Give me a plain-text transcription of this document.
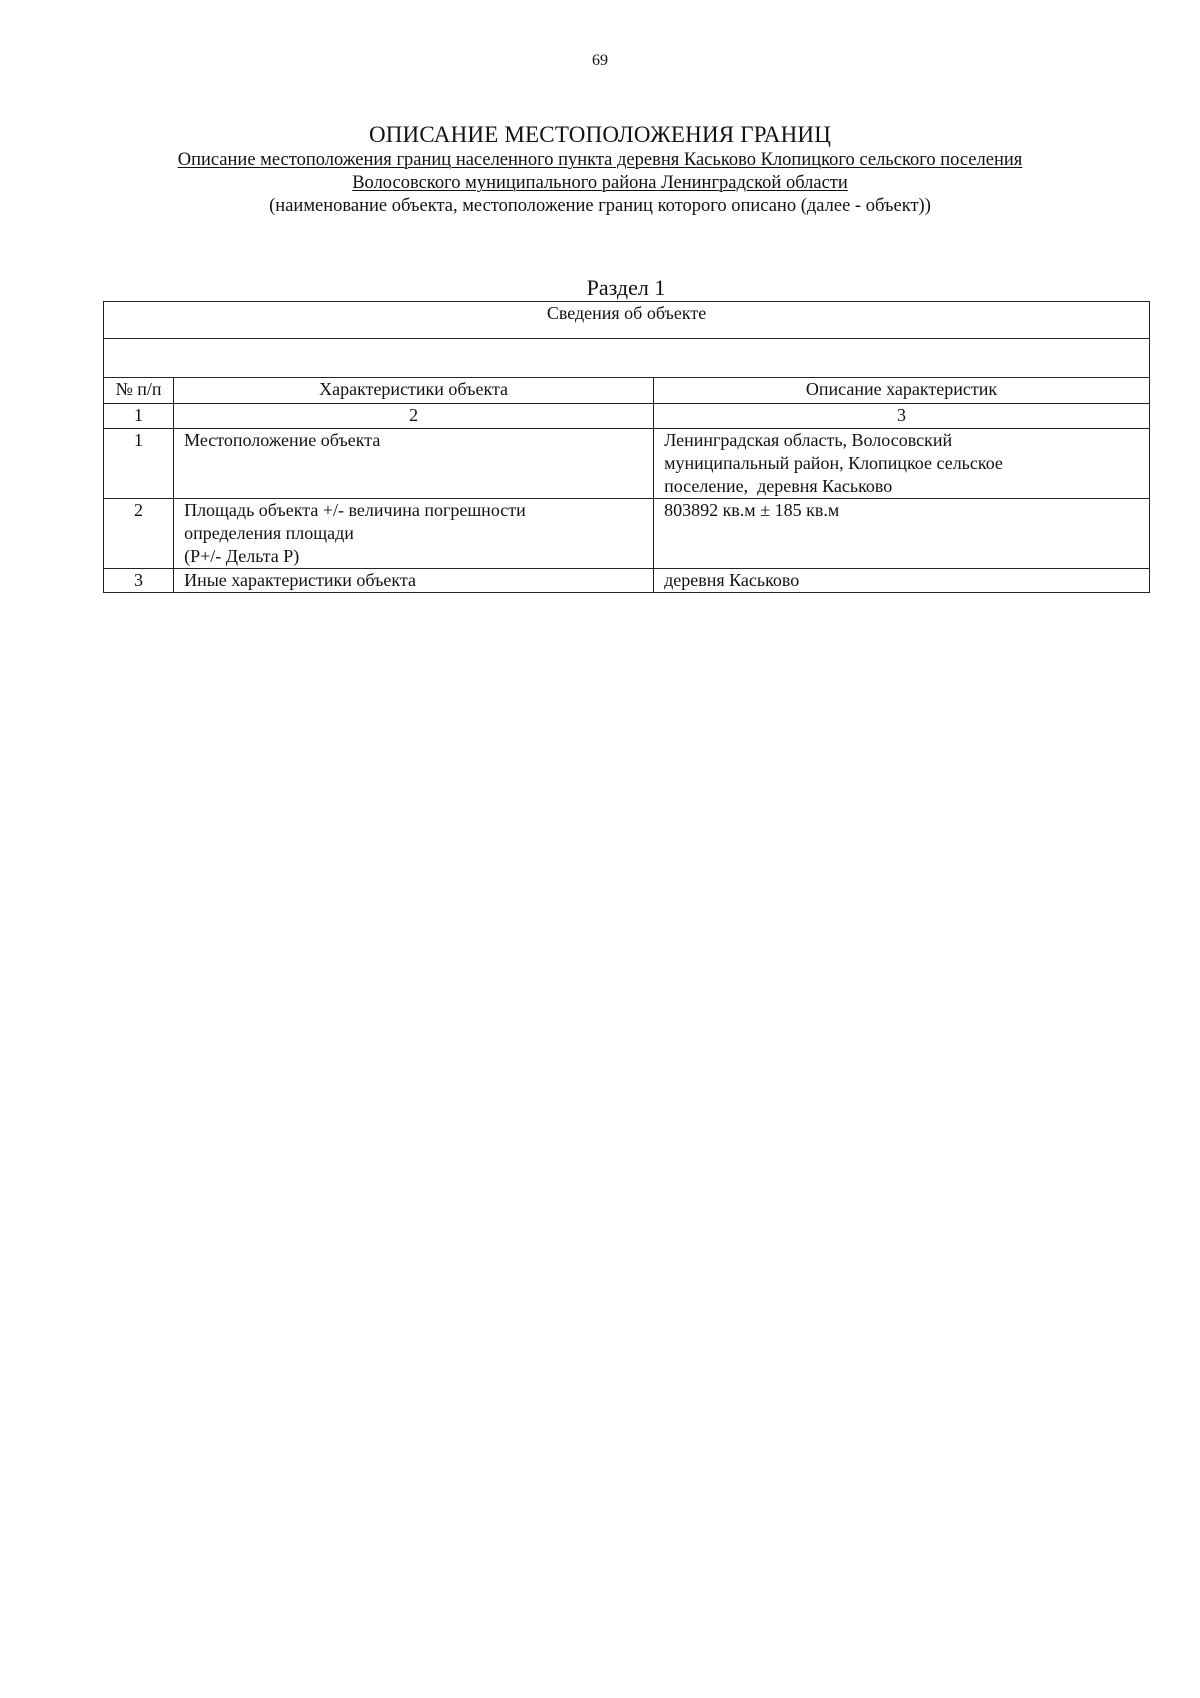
69
ОПИСАНИЕ МЕСТОПОЛОЖЕНИЯ ГРАНИЦ
Описание местоположения границ населенного пункта деревня Каськово Клопицкого сельского поселения
Волосовского муниципального района Ленинградской области
(наименование объекта, местоположение границ которого описано (далее - объект))
Раздел 1
Сведения об объекте		

№ п/п	Характеристики объекта	Описание характеристик
1	2	3
1	Местоположение объекта	Ленинградская область, Волосовский
муниципальный район, Клопицкое сельское
поселение,  деревня Каськово

2	Площадь объекта +/- величина погрешности
определения площади
(P+/- Дельта P)	803892 кв.м ± 185 кв.м

3	Иные характеристики объекта	деревня Каськово
